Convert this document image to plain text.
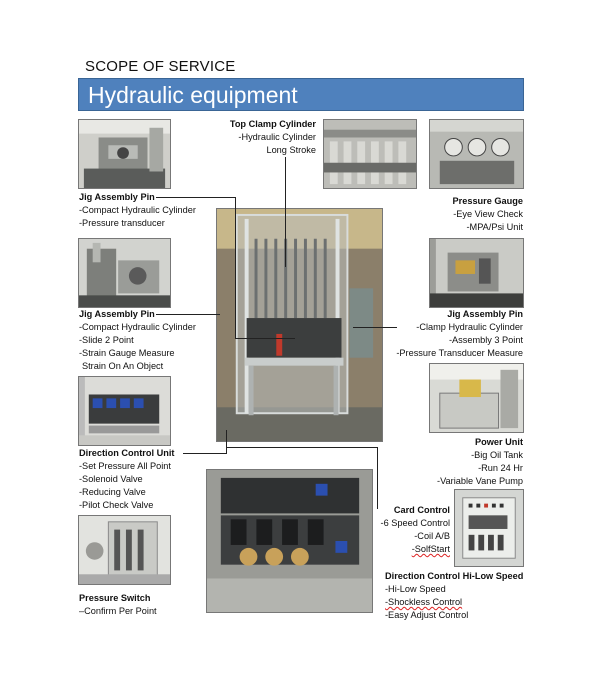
SCOPE OF SERVICE
Hydraulic equipment
Top Clamp Cylinder
-Hydraulic Cylinder
Long Stroke
Jig Assembly Pin
-Compact Hydraulic Cylinder
-Pressure transducer
Jig Assembly Pin
-Compact Hydraulic Cylinder
-Slide 2 Point
-Strain Gauge Measure
Strain On An Object
Direction Control Unit
-Set Pressure All Point
-Solenoid Valve
-Reducing Valve
-Pilot Check Valve
Pressure Switch
–Confirm Per Point
Pressure Gauge
-Eye View Check
-MPA/Psi Unit
Jig Assembly Pin
-Clamp Hydraulic Cylinder
-Assembly 3 Point
-Pressure Transducer Measure
Power Unit
-Big Oil Tank
-Run 24 Hr
-Variable Vane Pump
Card Control
-6 Speed Control
-Coil A/B
-SolfStart
Direction Control Hi-Low Speed
-Hi-Low Speed
-Shockless Control
-Easy Adjust Control
